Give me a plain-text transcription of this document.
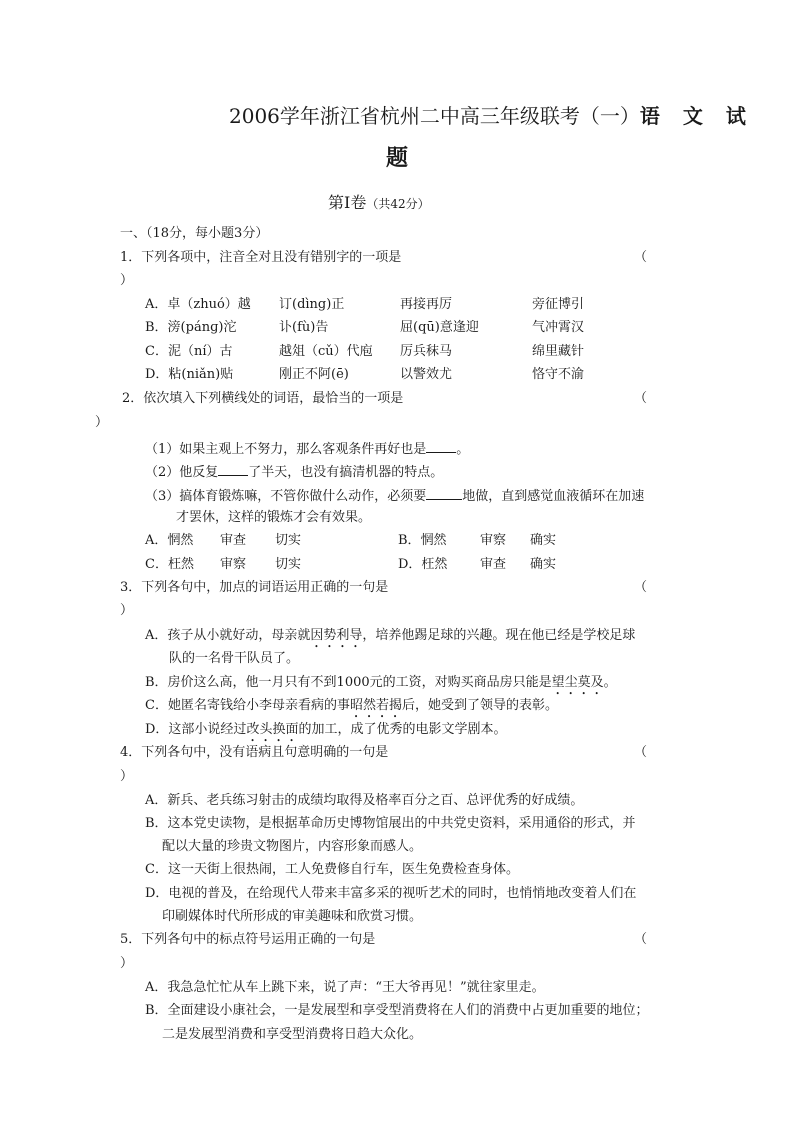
2006学年浙江省杭州二中高三年级联考（一）语 文 试
题
第Ⅰ卷（共42分）
一、（18分，每小题3分）
1．下列各项中，注音全对且没有错别字的一项是	（
）
A．卓（zhuó）越 订(dìng)正	再接再厉	旁征博引
B．滂(pánɡ)沱	讣(fù)告	屈(qū)意逢迎	气冲霄汉
C．泥（ní）古	越俎（cǔ）代庖 厉兵秣马	绵里藏针
D．粘(niǎn)贴	刚正不阿(ē)	以警效尤	恪守不渝
2．依次填入下列横线处的词语，最恰当的一项是	（
）
（1）如果主观上不努力，那么客观条件再好也是 。
（2）他反复 了半天，也没有搞清机器的特点。
（3）搞体育锻炼嘛，不管你做什么动作，必须要	地做，直到感觉血液循环在加速
才罢休，这样的锻炼才会有效果。
A．惘然 审查 切实	B．惘然	审察 确实
C．枉然 审察 切实	D．枉然	审查 确实
3．下列各句中，加点的词语运用正确的一句是	（
）
A．孩子从小就好动，母亲就因势利导，培养他踢足球的兴趣。现在他已经是学校足球
队的一名骨干队员了。
B．房价这么高，他一月只有不到1000元的工资，对购买商品房只能是望尘莫及。
C．她匿名寄钱给小李母亲看病的事昭然若揭后，她受到了领导的表彰。
D．这部小说经过改头换面的加工，成了优秀的电影文学剧本。
4．下列各句中，没有语病且句意明确的一句是	（
）
A．新兵、老兵练习射击的成绩均取得及格率百分之百、总评优秀的好成绩。
B．这本党史读物，是根据革命历史博物馆展出的中共党史资料，采用通俗的形式，并
配以大量的珍贵文物图片，内容形象而感人。
C．这一天街上很热闹，工人免费修自行车，医生免费检查身体。
D．电视的普及，在给现代人带来丰富多采的视听艺术的同时，也悄悄地改变着人们在
印刷媒体时代所形成的审美趣味和欣赏习惯。
5．下列各句中的标点符号运用正确的一句是	（
）
A．我急急忙忙从车上跳下来，说了声：“王大爷再见！”就往家里走。
B．全面建设小康社会，一是发展型和享受型消费将在人们的消费中占更加重要的地位；
二是发展型消费和享受型消费将日趋大众化。
